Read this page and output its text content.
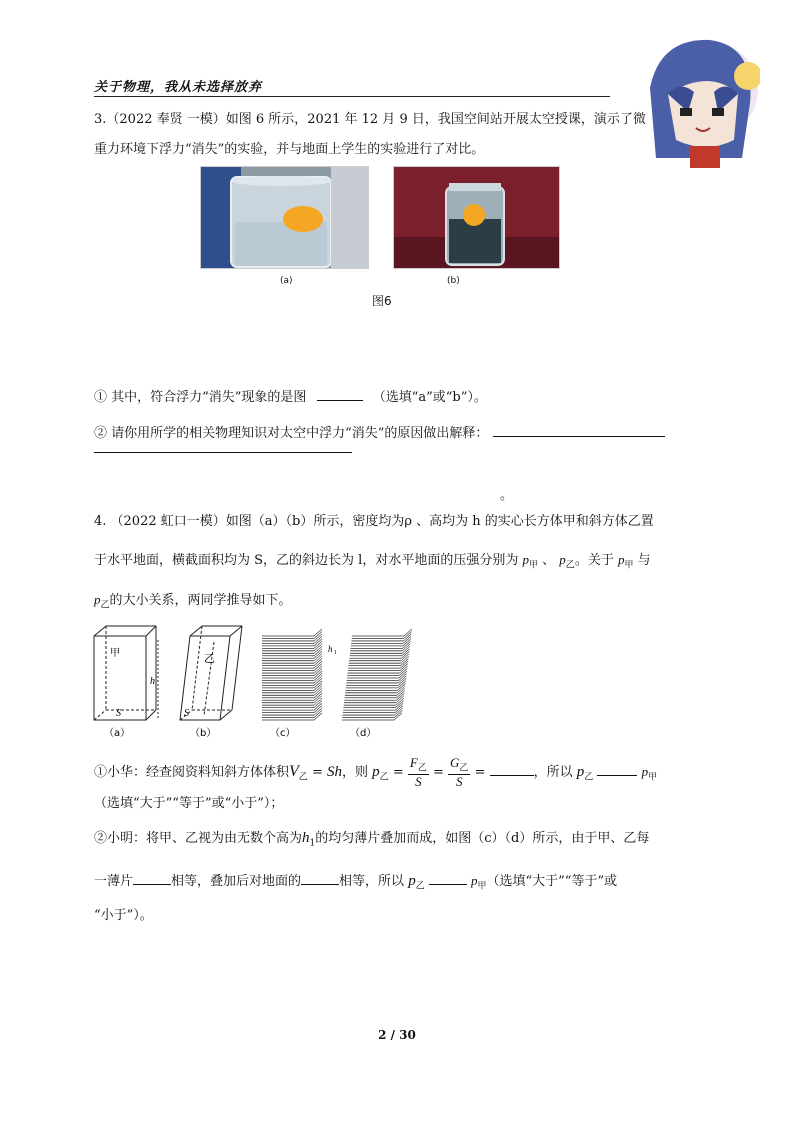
关于物理，我从未选择放弃
3.（2022 奉贤 一模）如图 6 所示，2021 年 12 月 9 日，我国空间站开展太空授课，演示了微
重力环境下浮力“消失”的实验，并与地面上学生的实验进行了对比。
(a)	(b)
图6
① 其中，符合浮力“消失”现象的是图	（选填“a”或“b”）。
② 请你用所学的相关物理知识对太空中浮力“消失”的原因做出解释：
。
4. （2022 虹口一模）如图（a）（b）所示，密度均为ρ 、高均为 h 的实心长方体甲和斜方体乙置
于水平地面，横截面积均为 S，乙的斜边长为 l，对水平地面的压强分别为 $p_甲$ 、 $p_乙$。关于 $p_甲$ 与
$p_乙$的大小关系，两同学推导如下。
甲
h
S
乙
S
h 1
（a）	（b）	（c）	（d）
①小华：经查阅资料知斜方体体积$V_乙 = Sh$，则 $p_乙 = \frac{F_乙}{S} = \frac{G_乙}{S}$ =	，所以 $p_乙$	$p_甲$
（选填“大于”“等于”或“小于”）；
②小明：将甲、乙视为由无数个高为$h_1$的均匀薄片叠加而成，如图（c）（d）所示，由于甲、乙每
一薄片	相等，叠加后对地面的	相等，所以 $p_乙$	$p_甲$（选填“大于”“等于”或
“小于”）。
2 / 30
